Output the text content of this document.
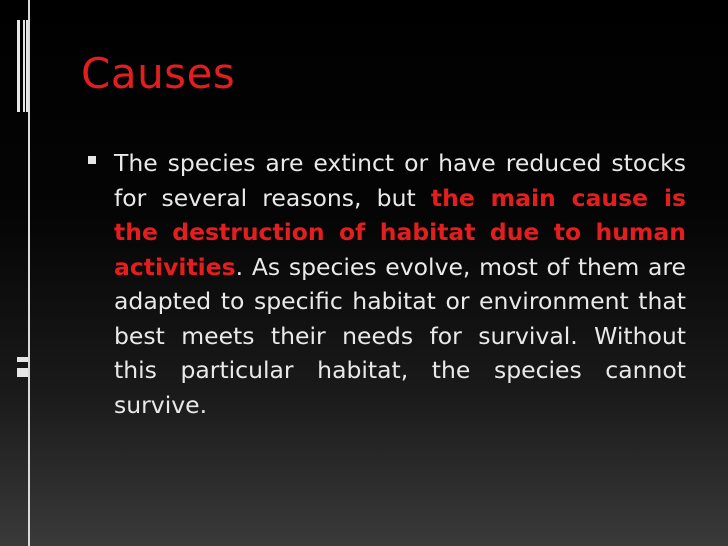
Causes

The species are extinct or have reduced stocks for several reasons, but the main cause is the destruction of habitat due to human activities. As species evolve, most of them are adapted to specific habitat or environment that best meets their needs for survival. Without this particular habitat, the species cannot survive.
